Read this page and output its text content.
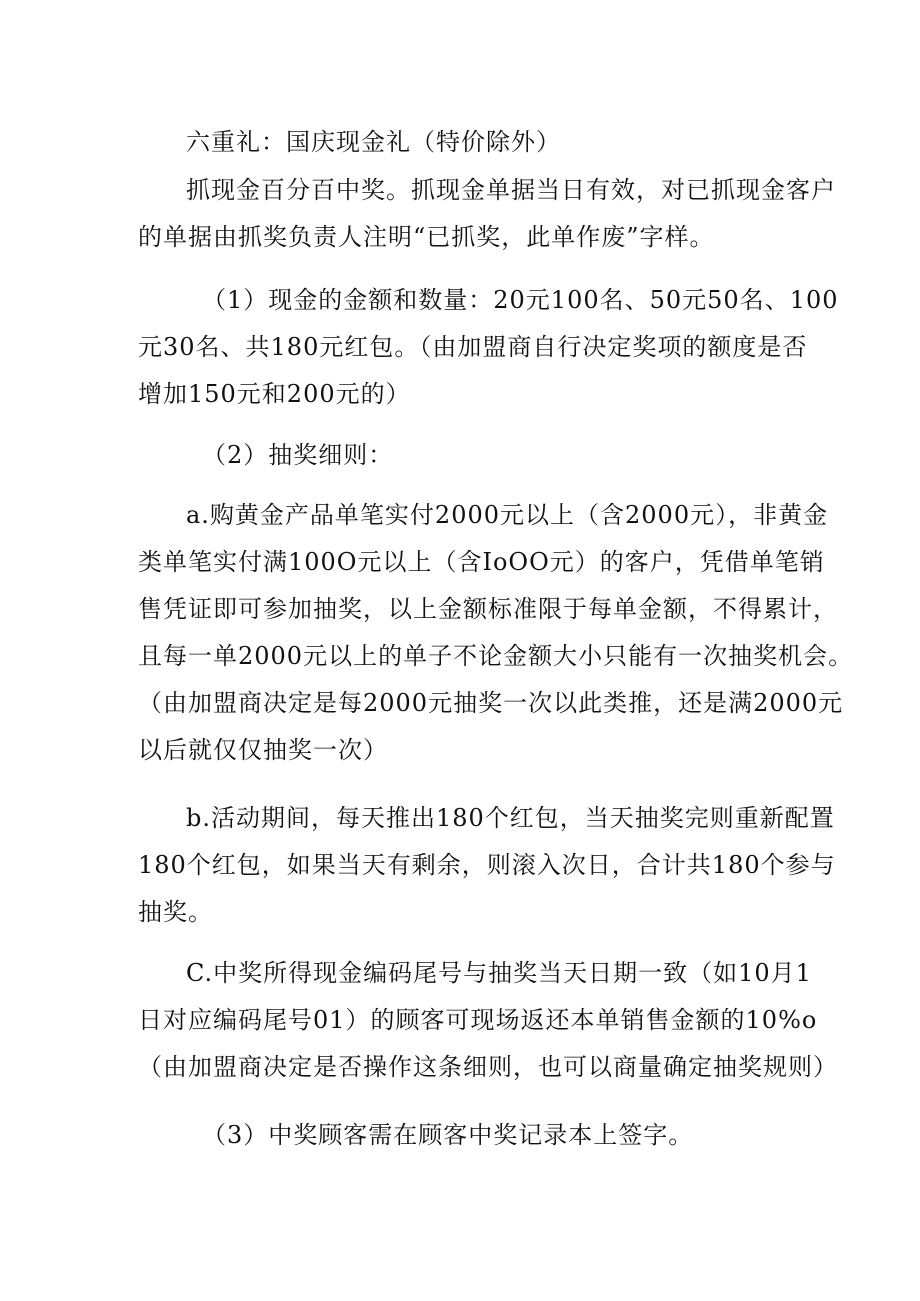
六重礼：国庆现金礼（特价除外）

抓现金百分百中奖。抓现金单据当日有效，对已抓现金客户
的单据由抓奖负责人注明“已抓奖，此单作废”字样。

（1）现金的金额和数量：20元100名、50元50名、100
元30名、共180元红包。（由加盟商自行决定奖项的额度是否
增加150元和200元的）

（2）抽奖细则：

a.购黄金产品单笔实付2000元以上（含2000元），非黄金
类单笔实付满100O元以上（含IoOO元）的客户，凭借单笔销
售凭证即可参加抽奖，以上金额标准限于每单金额，不得累计，
且每一单2000元以上的单子不论金额大小只能有一次抽奖机会。
（由加盟商决定是每2000元抽奖一次以此类推，还是满2000元
以后就仅仅抽奖一次）

b.活动期间，每天推出180个红包，当天抽奖完则重新配置
180个红包，如果当天有剩余，则滚入次日，合计共180个参与
抽奖。

C.中奖所得现金编码尾号与抽奖当天日期一致（如10月1
日对应编码尾号01）的顾客可现场返还本单销售金额的10%o
（由加盟商决定是否操作这条细则，也可以商量确定抽奖规则）

（3）中奖顾客需在顾客中奖记录本上签字。
